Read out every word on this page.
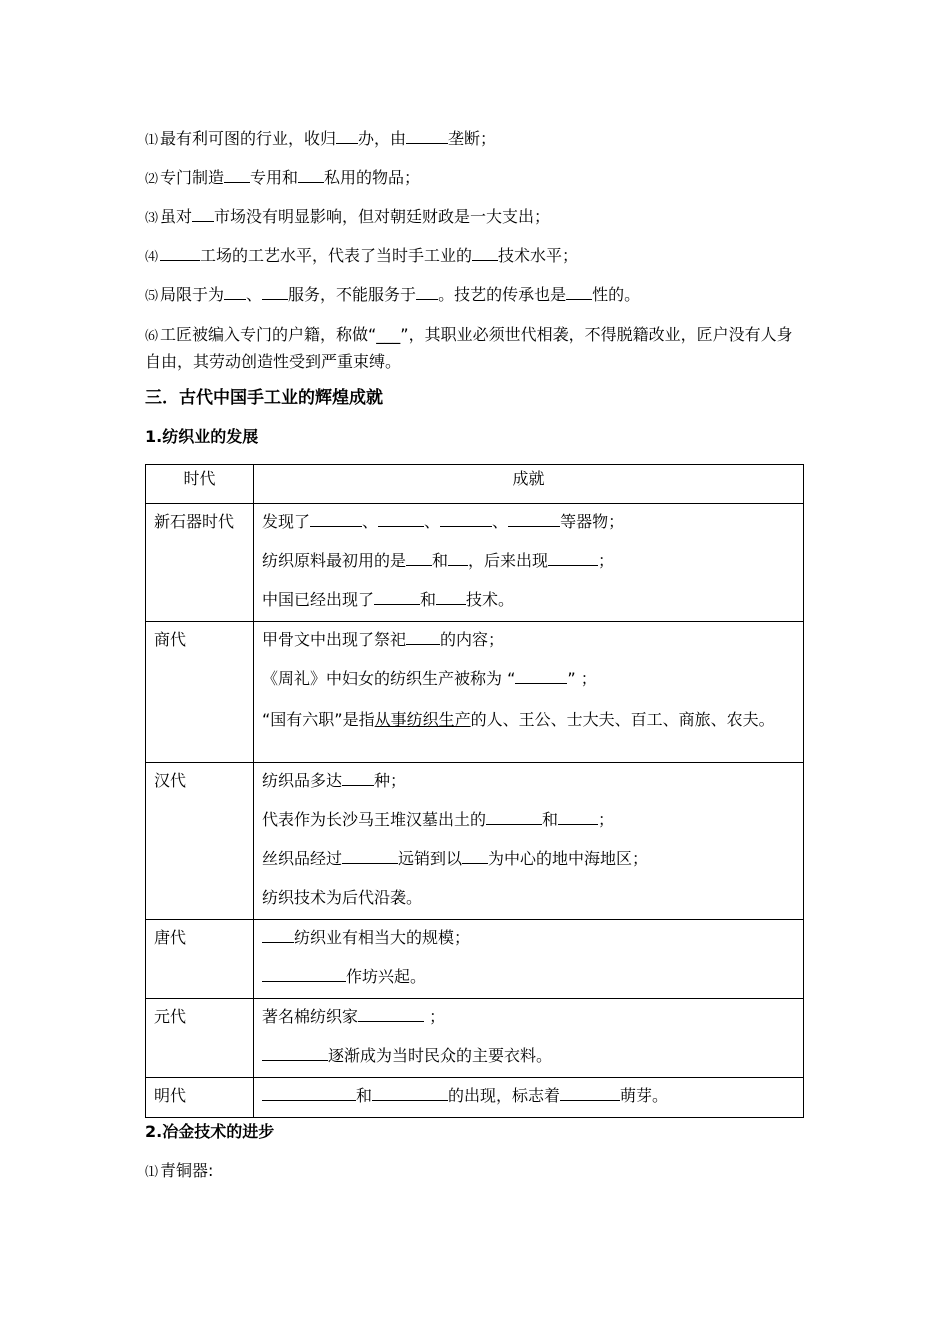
⑴ 最有利可图的行业，收归 办，由	垄断；
⑵ 专门制造 专用和 私用的物品；
⑶ 虽对 市场没有明显影响，但对朝廷财政是一大支出；
⑷	工场的工艺水平，代表了当时手工业的 技术水平；
⑸ 局限于为 、 服务，不能服务于 。技艺的传承也是 性的。
⑹ 工匠被编入专门的户籍，称做“___”，其职业必须世代相袭，不得脱籍改业，匠户没有人身自由，其劳动创造性受到严重束缚。
三．古代中国手工业的辉煌成就
1.纺织业的发展
时代	成就
新石器时代	发现了 、 、 、 等器物；

纺织原料最初用的是 和 ，后来出现 ；

中国已经出现了 和 技术。

商代	甲骨文中出现了祭祀 的内容；

《周礼》中妇女的纺织生产被称为 “ ” ；

“国有六职”是指从事纺织生产的人、王公、士大夫、百工、商旅、农夫。

汉代	纺织品多达 种；

代表作为长沙马王堆汉墓出土的 和 ；

丝织品经过 远销到以 为中心的地中海地区；

纺织技术为后代沿袭。

唐代	纺织业有相当大的规模；

作坊兴起。

元代	著名棉纺织家 ；

逐渐成为当时民众的主要衣料。

明代	和 的出现，标志着 萌芽。

2.冶金技术的进步
⑴ 青铜器:
